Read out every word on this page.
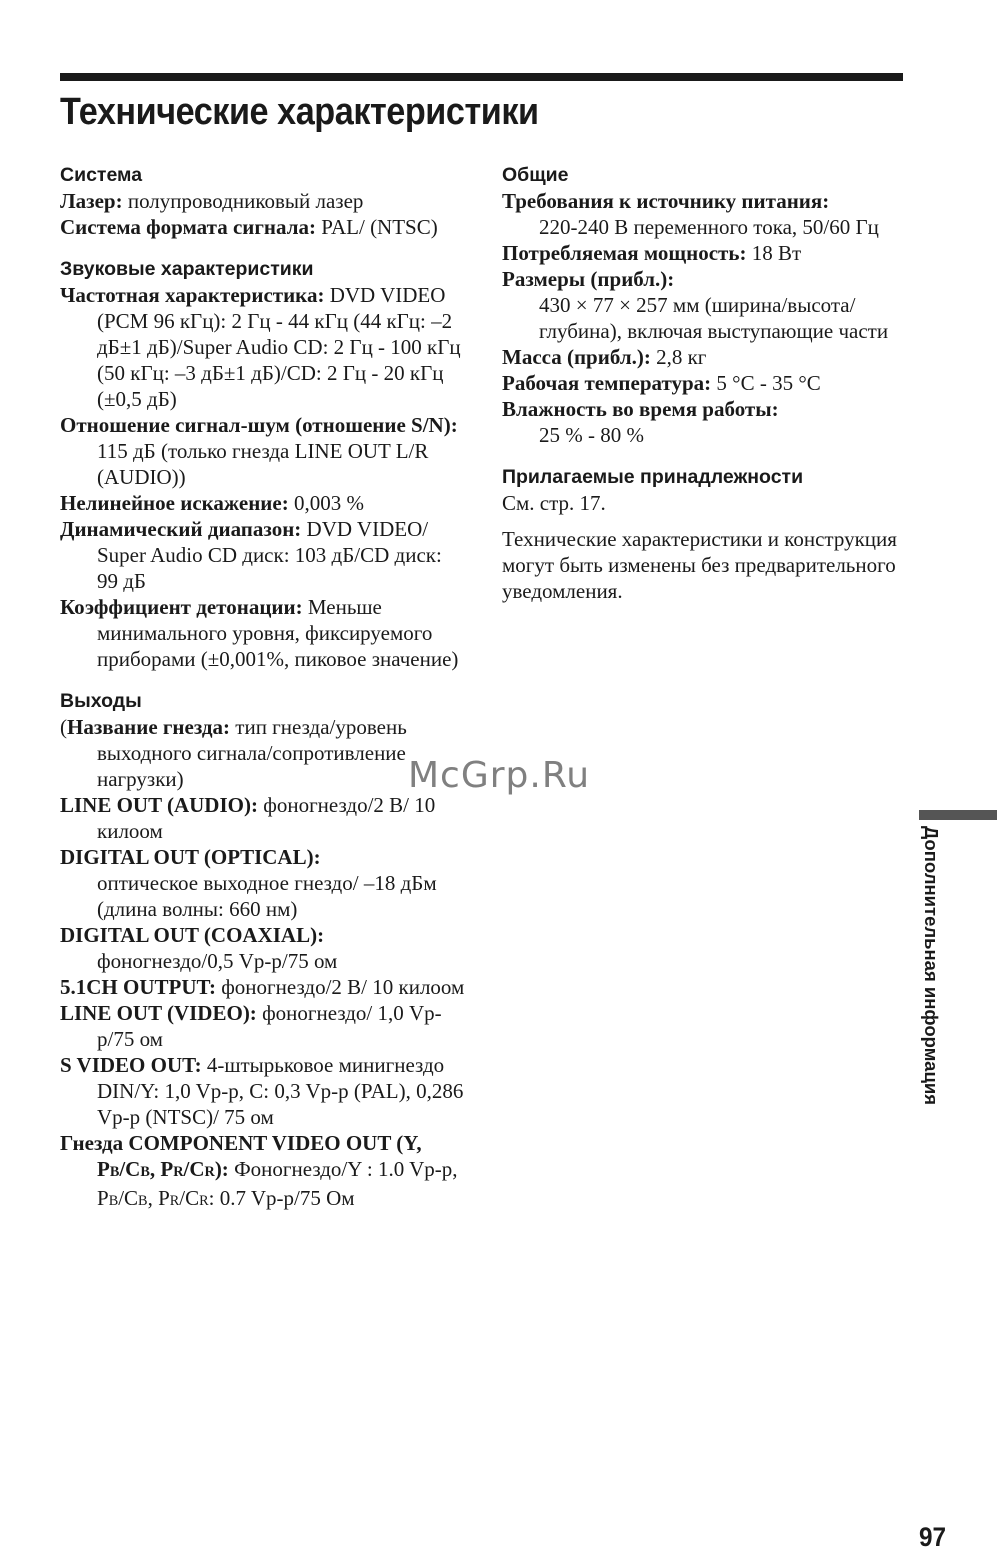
Технические характеристики
Система

Лазер: полупроводниковый лазер

Система формата сигнала: PAL/ (NTSC)

Звуковые характеристики

Частотная характеристика: DVD VIDEO (PCM 96 кГц): 2 Гц - 44 кГц (44 кГц: –2 дБ±1 дБ)/Super Audio CD: 2 Гц - 100 кГц (50 кГц: –3 дБ±1 дБ)/CD: 2 Гц - 20 кГц (±0,5 дБ)

Отношение сигнал-шум (отношение S/N): 115 дБ (только гнезда LINE OUT L/R (AUDIO))

Нелинейное искажение: 0,003 %

Динамический диапазон: DVD VIDEO/ Super Audio CD диск: 103 дБ/CD диск: 99 дБ

Коэффициент детонации: Меньше минимального уровня, фиксируемого приборами (±0,001%, пиковое значение)

Выходы

(Название гнезда: тип гнезда/уровень выходного сигнала/сопротивление нагрузки)

LINE OUT (AUDIO): фоногнездо/2 В/ 10 килоом

DIGITAL OUT (OPTICAL):
оптическое выходное гнездо/ –18 дБм (длина волны: 660 нм)

DIGITAL OUT (COAXIAL):
фоногнездо/0,5 Vp-p/75 ом

5.1CH OUTPUT: фоногнездо/2 В/ 10 килоом

LINE OUT (VIDEO): фоногнездо/ 1,0 Vp-p/75 ом

S VIDEO OUT: 4-штырьковое минигнездо DIN/Y: 1,0 Vp-p, C: 0,3 Vp-p (PAL), 0,286 Vp-p (NTSC)/ 75 ом

Гнезда COMPONENT VIDEO OUT (Y, PB/CB, PR/CR): Фоногнездо/Y : 1.0 Vp-p, PB/CB, PR/CR: 0.7 Vp-p/75 Ом

Общие

Требования к источнику питания:
220-240 В переменного тока, 50/60 Гц

Потребляемая мощность: 18 Вт

Размеры (прибл.):
430 × 77 × 257 мм (ширина/высота/ глубина), включая выступающие части

Масса (прибл.): 2,8 кг

Рабочая температура: 5 °C - 35 °C

Влажность во время работы:
25 % - 80 %

Прилагаемые принадлежности

См. стр. 17.

Технические характеристики и конструкция могут быть изменены без предварительного уведомления.

McGrp.Ru
Дополнительная информация
97
